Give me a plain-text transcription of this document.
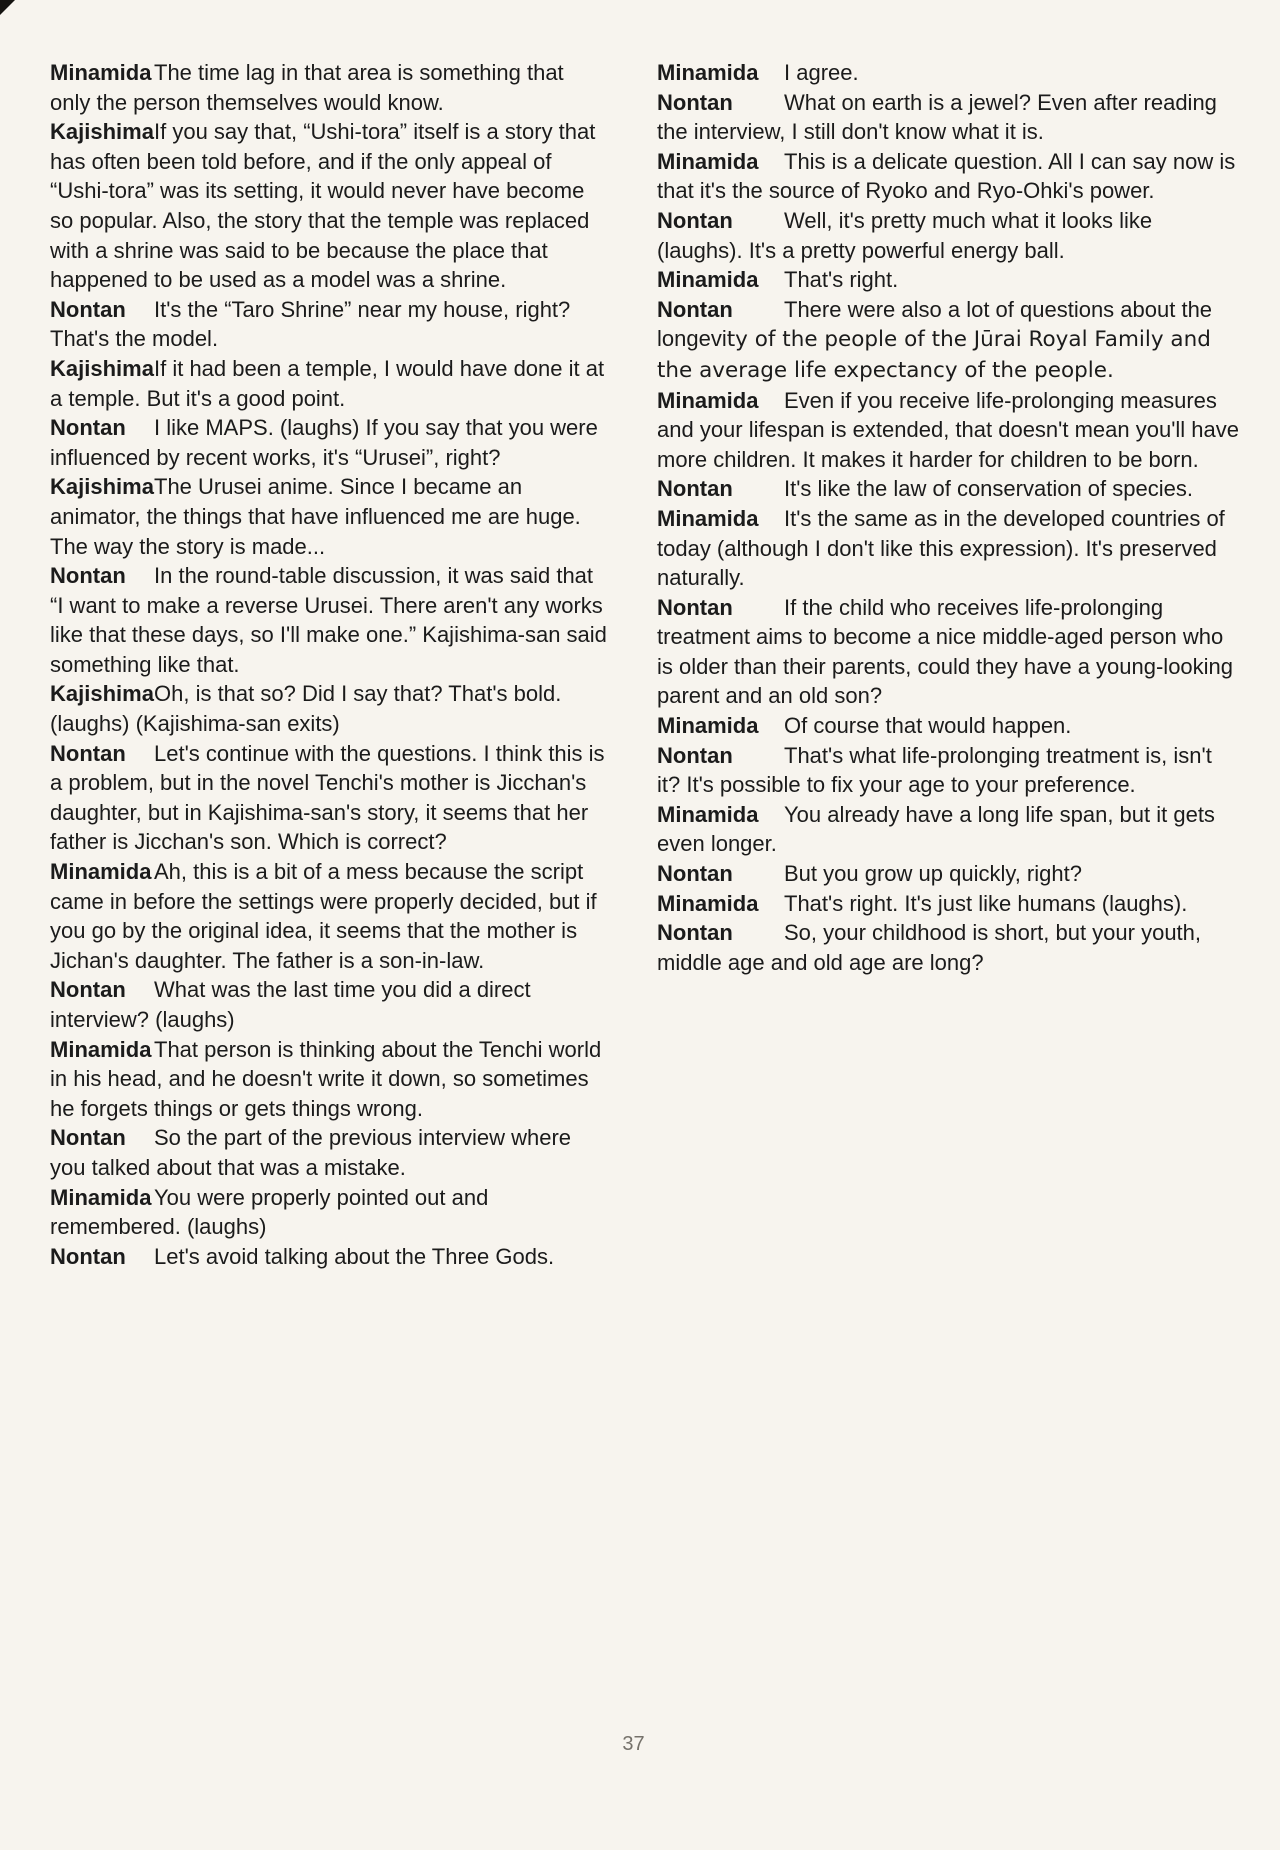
Minamida The time lag in that area is something that only the person themselves would know.

KajishimaIf you say that, “Ushi-tora” itself is a story that has often been told before, and if the only appeal of “Ushi-tora” was its setting, it would never have become so popular. Also, the story that the temple was replaced with a shrine was said to be because the place that happened to be used as a model was a shrine.

Nontan It's the “Taro Shrine” near my house, right? That's the model.

KajishimaIf it had been a temple, I would have done it at a temple. But it's a good point.

Nontan I like MAPS. (laughs) If you say that you were influenced by recent works, it's “Urusei”, right?

KajishimaThe Urusei anime. Since I became an animator, the things that have influenced me are huge. The way the story is made...

Nontan In the round-table discussion, it was said that “I want to make a reverse Urusei. There aren't any works like that these days, so I'll make one.” Kajishima-san said something like that.

KajishimaOh, is that so? Did I say that? That's bold. (laughs) (Kajishima-san exits)

Nontan Let's continue with the questions. I think this is a problem, but in the novel Tenchi's mother is Jicchan's daughter, but in Kajishima-san's story, it seems that her father is Jicchan's son. Which is correct?

Minamida Ah, this is a bit of a mess because the script came in before the settings were properly decided, but if you go by the original idea, it seems that the mother is Jichan's daughter. The father is a son-in-law.

Nontan What was the last time you did a direct interview? (laughs)

Minamida That person is thinking about the Tenchi world in his head, and he doesn't write it down, so sometimes he forgets things or gets things wrong.

Nontan So the part of the previous interview where you talked about that was a mistake.

Minamida You were properly pointed out and remembered. (laughs)

Nontan Let's avoid talking about the Three Gods.

Minamida I agree.

Nontan What on earth is a jewel? Even after reading the interview, I still don't know what it is.

Minamida This is a delicate question. All I can say now is that it's the source of Ryoko and Ryo-Ohki's power.

Nontan Well, it's pretty much what it looks like (laughs). It's a pretty powerful energy ball.

Minamida That's right.

Nontan There were also a lot of questions about the longevity of the people of the Jūrai Royal Family and the average life expectancy of the people.

Minamida Even if you receive life-prolonging measures and your lifespan is extended, that doesn't mean you'll have more children. It makes it harder for children to be born.

Nontan It's like the law of conservation of species.

Minamida It's the same as in the developed countries of today (although I don't like this expression). It's preserved naturally.

Nontan If the child who receives life-prolonging treatment aims to become a nice middle-aged person who is older than their parents, could they have a young-looking parent and an old son?

Minamida Of course that would happen.

Nontan That's what life-prolonging treatment is, isn't it? It's possible to fix your age to your preference.

Minamida You already have a long life span, but it gets even longer.

Nontan But you grow up quickly, right?

Minamida That's right. It's just like humans (laughs).

Nontan So, your childhood is short, but your youth, middle age and old age are long?

37
